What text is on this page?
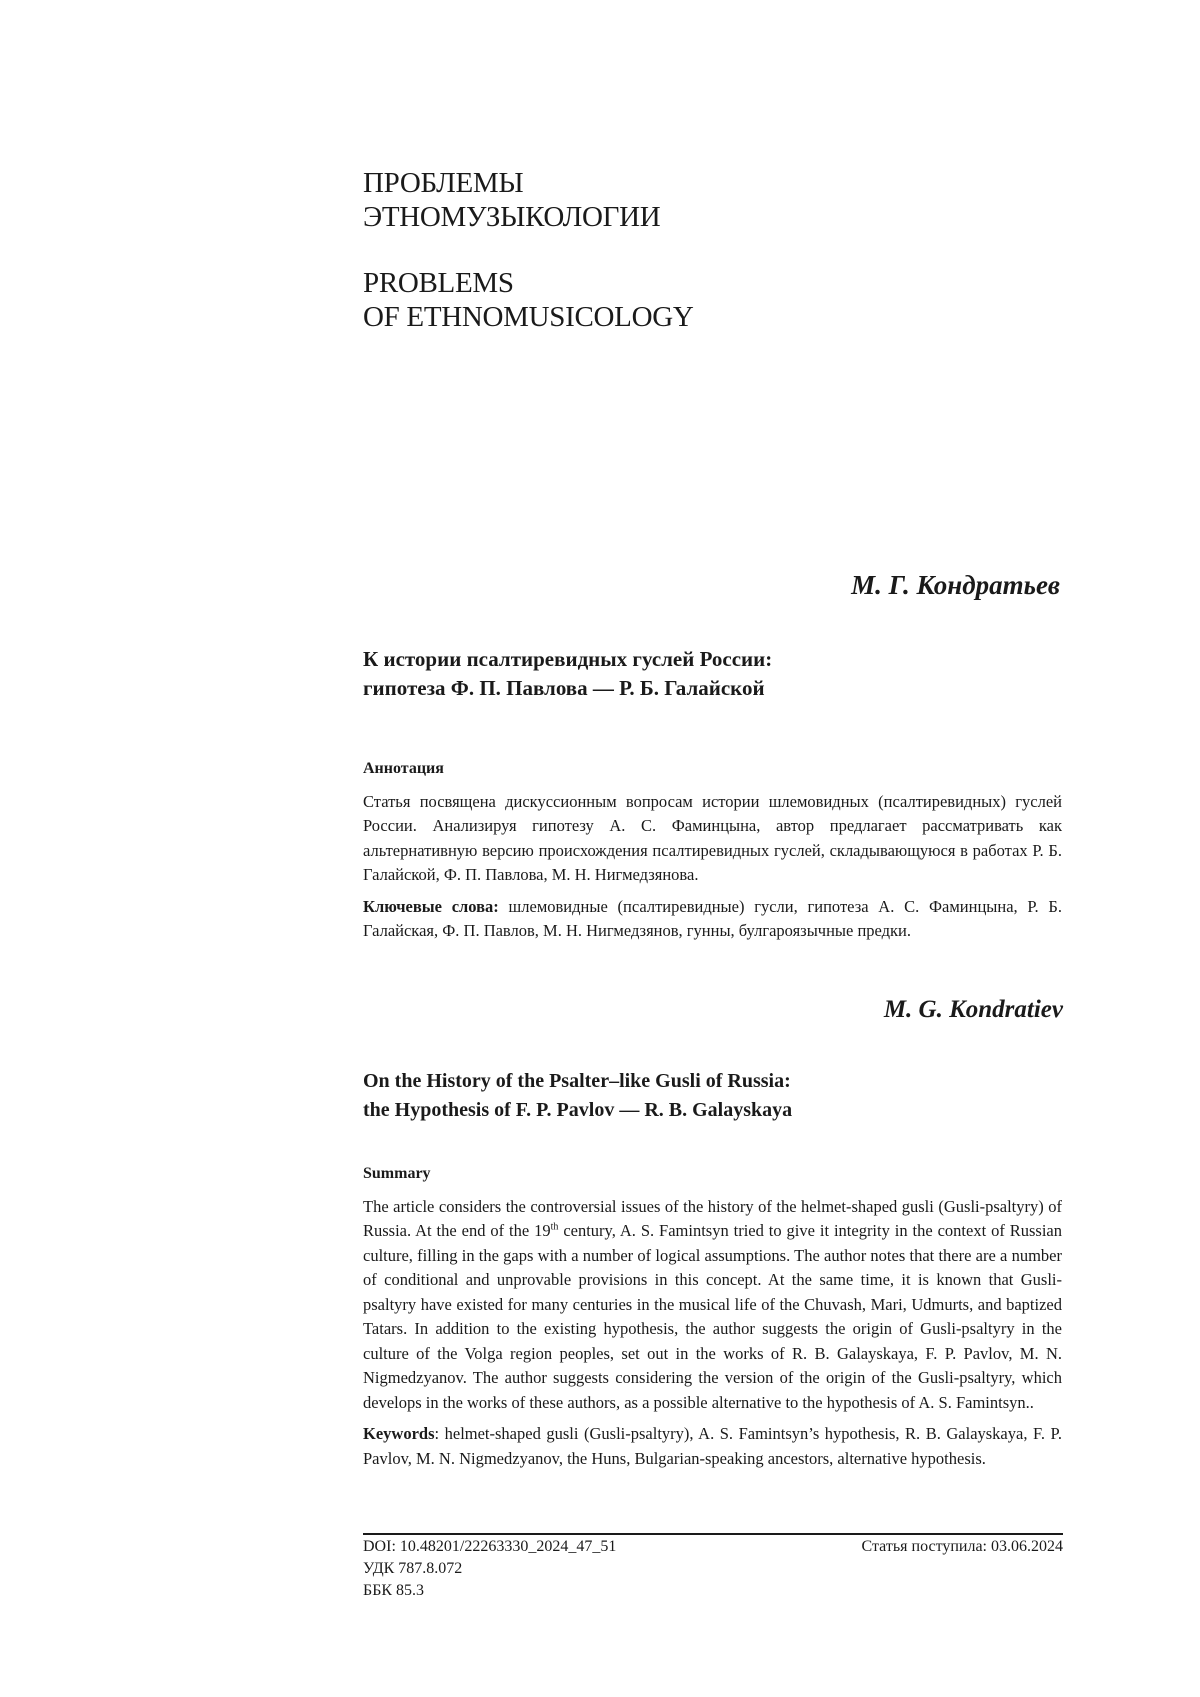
ПРОБЛЕМЫ
ЭТНОМУЗЫКОЛОГИИ
PROBLEMS
OF ETHNOMUSICOLOGY
М. Г. Кондратьев
К истории псалтиревидных гуслей России:
гипотеза Ф. П. Павлова — Р. Б. Галайской
Аннотация

Статья посвящена дискуссионным вопросам истории шлемовидных (псалтиревидных) гуслей России. Анализируя гипотезу А. С. Фаминцына, автор предлагает рассматривать как альтернативную версию происхождения псалтиревидных гуслей, складывающуюся в работах Р. Б. Галайской, Ф. П. Павлова, М. Н. Нигмедзянова.

Ключевые слова: шлемовидные (псалтиревидные) гусли, гипотеза А. С. Фаминцына, Р. Б. Галайская, Ф. П. Павлов, М. Н. Нигмедзянов, гунны, булгароязычные предки.

M. G. Kondratiev
On the History of the Psalter–like Gusli of Russia:
the Hypothesis of F. P. Pavlov — R. B. Galayskaya
Summary

The article considers the controversial issues of the history of the helmet-shaped gusli (Gusli-psaltyry) of Russia. At the end of the 19th century, A. S. Famintsyn tried to give it integrity in the context of Russian culture, filling in the gaps with a number of logical assumptions. The author notes that there are a number of conditional and unprovable provisions in this concept. At the same time, it is known that Gusli-psaltyry have existed for many centuries in the musical life of the Chuvash, Mari, Udmurts, and baptized Tatars. In addition to the existing hypothesis, the author suggests the origin of Gusli-psaltyry in the culture of the Volga region peoples, set out in the works of R. B. Galayskaya, F. P. Pavlov, M. N. Nigmedzyanov. The author suggests considering the version of the origin of the Gusli-psaltyry, which develops in the works of these authors, as a possible alternative to the hypothesis of A. S. Famintsyn..

Keywords: helmet-shaped gusli (Gusli-psaltyry), A. S. Famintsyn’s hypothesis, R. B. Galayskaya, F. P. Pavlov, M. N. Nigmedzyanov, the Huns, Bulgarian-speaking ancestors, alternative hypothesis.

DOI: 10.48201/22263330_2024_47_51
УДК 787.8.072
ББК 85.3
Статья поступила: 03.06.2024
